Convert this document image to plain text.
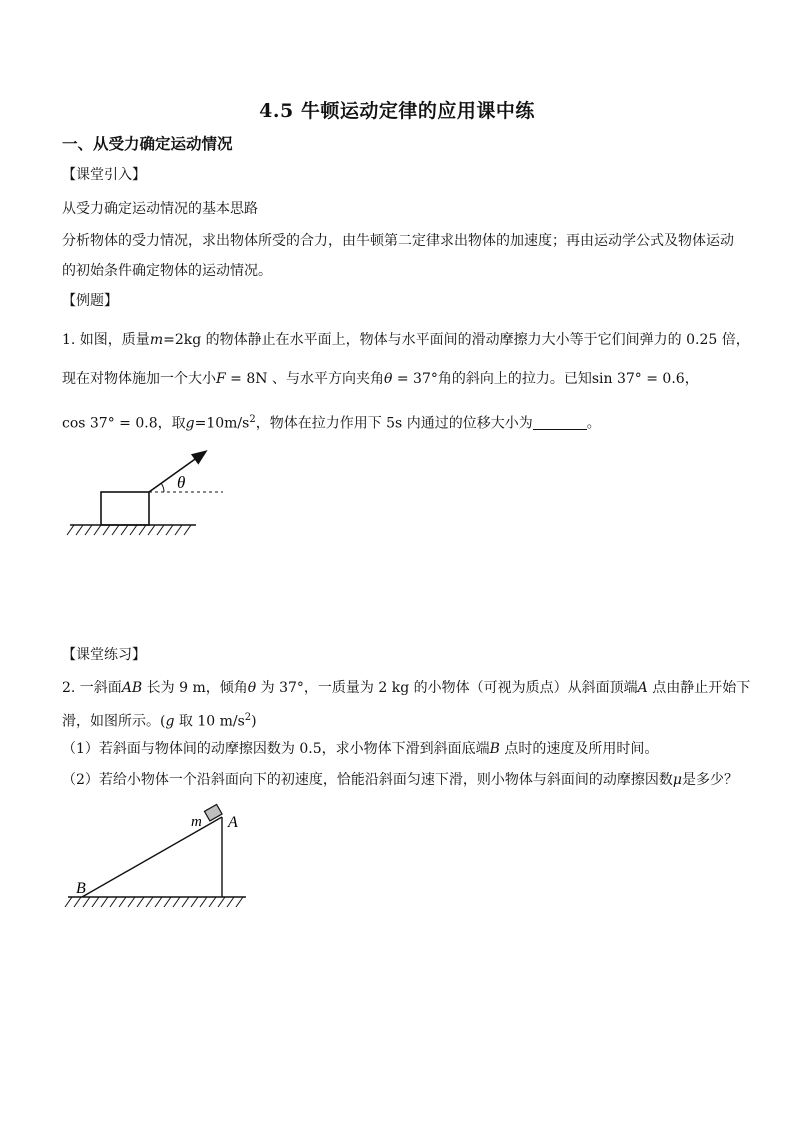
4.5 牛顿运动定律的应用课中练
一、从受力确定运动情况
【课堂引入】
从受力确定运动情况的基本思路
分析物体的受力情况，求出物体所受的合力，由牛顿第二定律求出物体的加速度；再由运动学公式及物体运动
的初始条件确定物体的运动情况。
【例题】
1. 如图，质量m=2kg 的物体静止在水平面上，物体与水平面间的滑动摩擦力大小等于它们间弹力的 0.25 倍，
现在对物体施加一个大小F = 8N 、与水平方向夹角θ = 37°角的斜向上的拉力。已知sin 37° = 0.6，
cos 37° = 0.8，取$g=10m/s^2$，物体在拉力作用下 5s 内通过的位移大小为	。
θ
【课堂练习】
2. 一斜面AB 长为 9 m，倾角θ 为 37°，一质量为 2 kg 的小物体（可视为质点）从斜面顶端A 点由静止开始下
滑，如图所示。(g 取 10 $m/s^2$)
（1）若斜面与物体间的动摩擦因数为 0.5，求小物体下滑到斜面底端B 点时的速度及所用时间。
（2）若给小物体一个沿斜面向下的初速度，恰能沿斜面匀速下滑，则小物体与斜面间的动摩擦因数μ是多少？
m A
B
